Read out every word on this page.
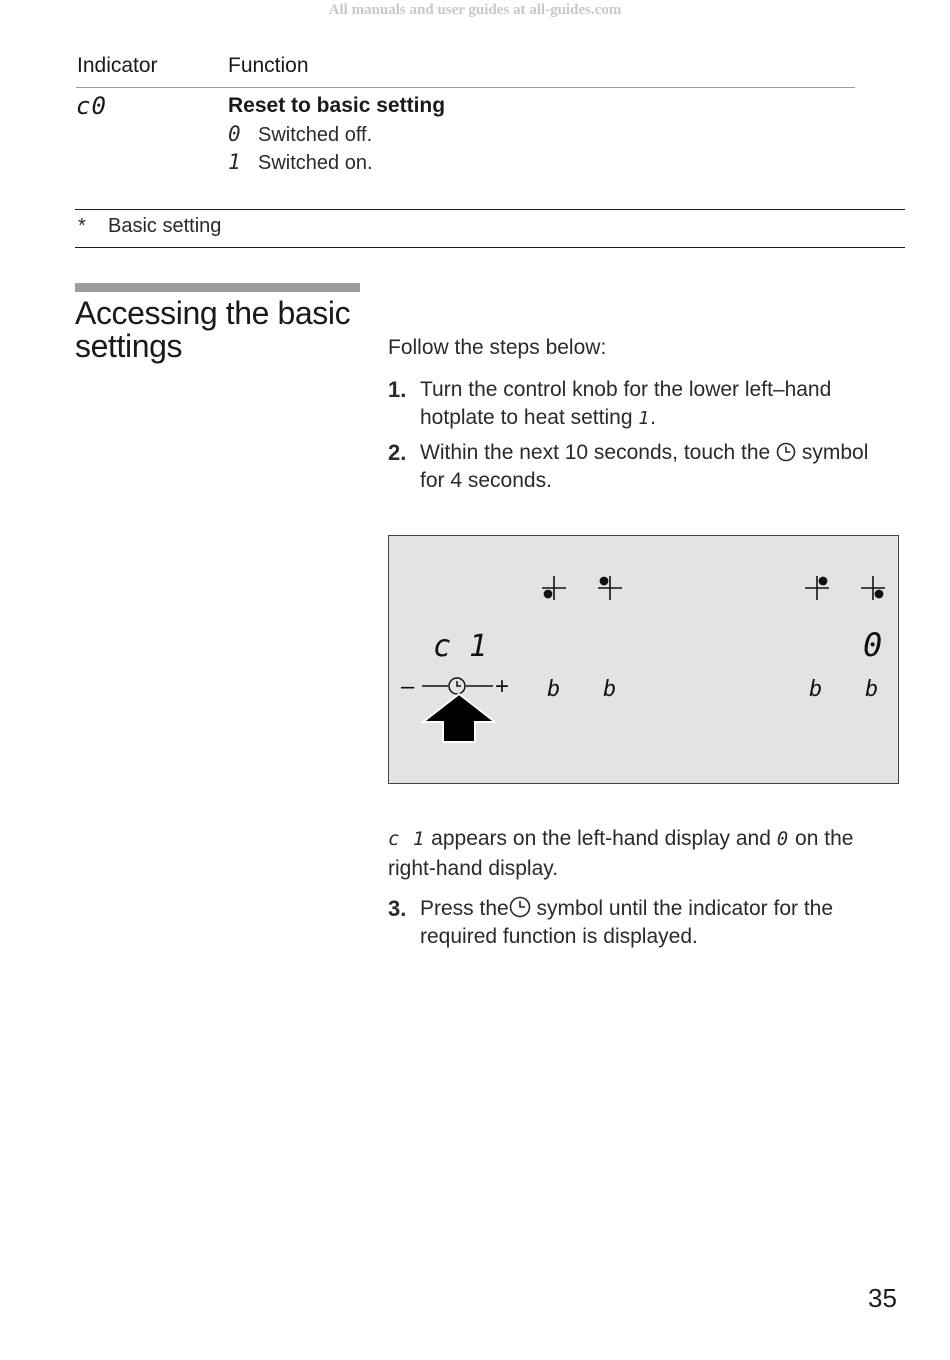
All manuals and user guides at all-guides.com
Indicator	Function
c0	Reset to basic setting
0 Switched off.
1 Switched on.
* Basic setting
Accessing the basic settings	Follow the steps below:
1. Turn the control knob for the lower left–hand hotplate to heat setting 1.
2. Within the next 10 seconds, touch the  symbol for 4 seconds.
c 1	0
–	+ b b	b b
c 1 appears on the left-hand display and 0 on the right-hand display.
3. Press the symbol until the indicator for the required function is displayed.
35
